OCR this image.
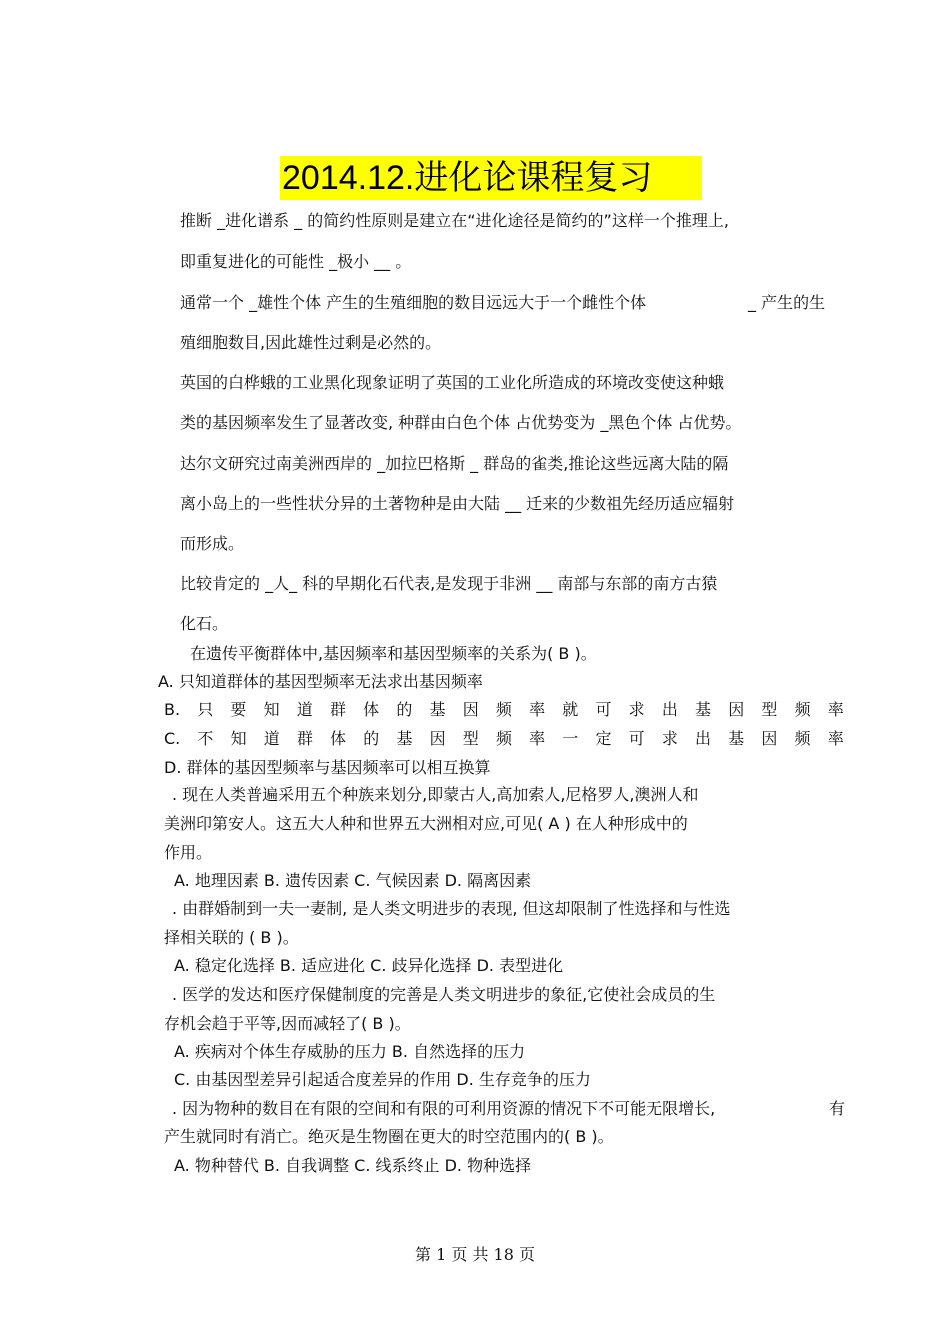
2014.12.进化论课程复习
推断 _进化谱系 _ 的简约性原则是建立在“进化途径是简约的”这样一个推理上,
即重复进化的可能性 _极小 __ 。
通常一个 _雄性个体 产生的生殖细胞的数目远远大于一个雌性个体	_ 产生的生
殖细胞数目,因此雄性过剩是必然的。
英国的白桦蛾的工业黑化现象证明了英国的工业化所造成的环境改变使这种蛾
类的基因频率发生了显著改变, 种群由白色个体 占优势变为 _黑色个体 占优势。
达尔文研究过南美洲西岸的 _加拉巴格斯 _ 群岛的雀类,推论这些远离大陆的隔
离小岛上的一些性状分异的土著物种是由大陆 __ 迁来的少数祖先经历适应辐射
而形成。
比较肯定的 _人_ 科的早期化石代表,是发现于非洲 __ 南部与东部的南方古猿
化石。
在遗传平衡群体中,基因频率和基因型频率的关系为( B )。
A. 只知道群体的基因型频率无法求出基因频率
B. 只 要 知 道 群 体 的 基 因 频 率 就 可 求 出 基 因 型 频 率
C. 不 知 道 群 体 的 基 因 型 频 率 一 定 可 求 出 基 因 频 率
D. 群体的基因型频率与基因频率可以相互换算
. 现在人类普遍采用五个种族来划分,即蒙古人,高加索人,尼格罗人,澳洲人和
美洲印第安人。这五大人种和世界五大洲相对应,可见( A ) 在人种形成中的
作用。
A. 地理因素 B. 遗传因素 C. 气候因素 D. 隔离因素
. 由群婚制到一夫一妻制, 是人类文明进步的表现, 但这却限制了性选择和与性选
择相关联的 ( B )。
A. 稳定化选择 B. 适应进化 C. 歧异化选择 D. 表型进化
. 医学的发达和医疗保健制度的完善是人类文明进步的象征,它使社会成员的生
存机会趋于平等,因而减轻了( B )。
A. 疾病对个体生存威胁的压力 B. 自然选择的压力
C. 由基因型差异引起适合度差异的作用 D. 生存竞争的压力
. 因为物种的数目在有限的空间和有限的可利用资源的情况下不可能无限增长,	有
产生就同时有消亡。绝灭是生物圈在更大的时空范围内的( B )。
A. 物种替代 B. 自我调整 C. 线系终止 D. 物种选择
第 1 页 共 18 页
